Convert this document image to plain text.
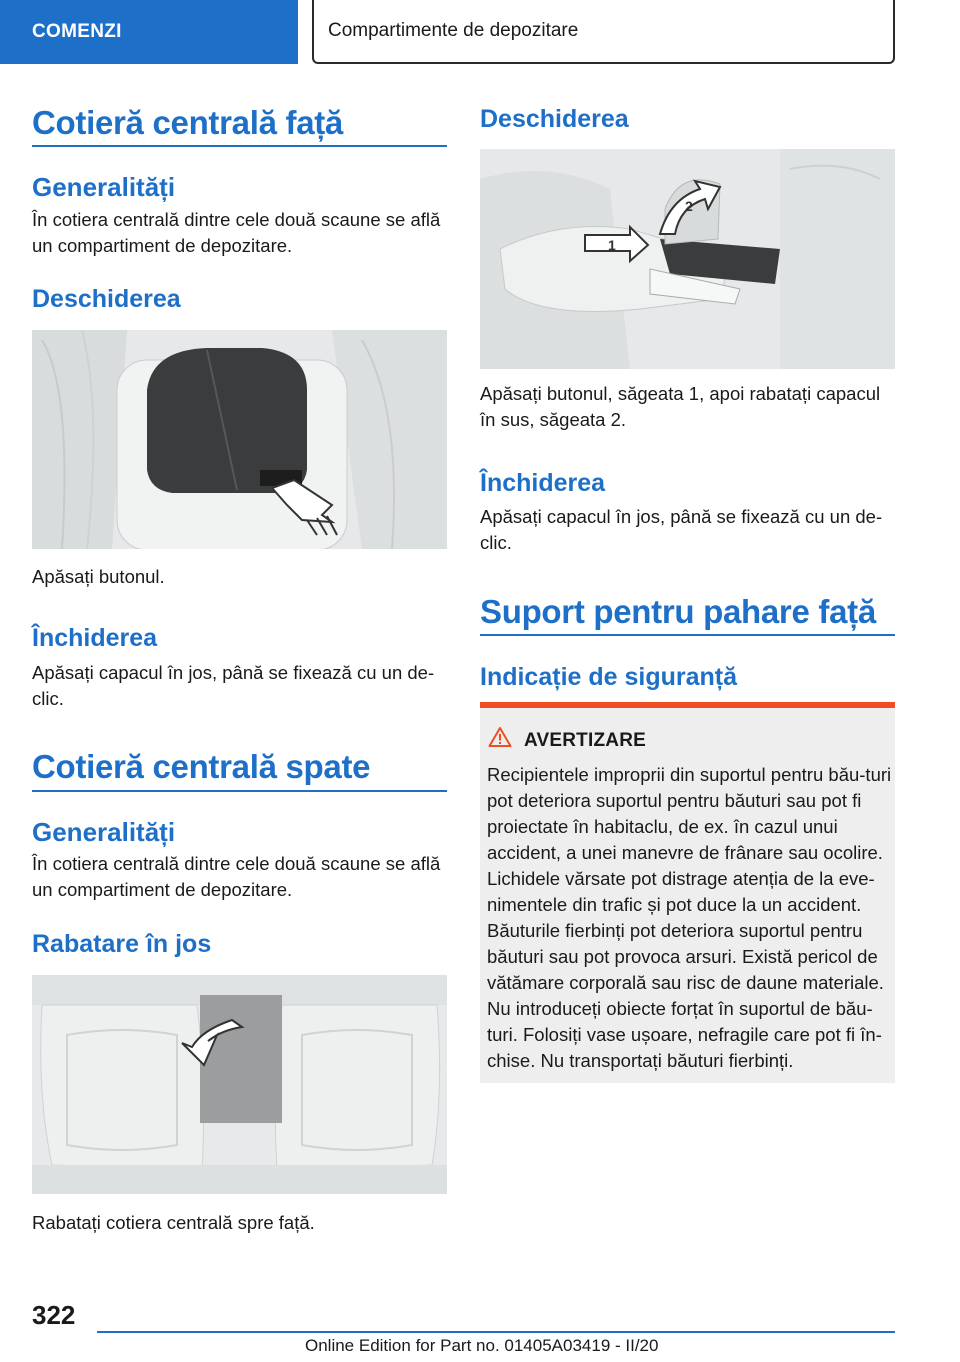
COMENZI	Compartimente de depozitare
Cotieră centrală față
Generalități
În cotiera centrală dintre cele două scaune se află un compartiment de depozitare.
Deschiderea
Apăsați butonul.
Închiderea
Apăsați capacul în jos, până se fixează cu un de-clic.
Cotieră centrală spate
Generalități
În cotiera centrală dintre cele două scaune se află un compartiment de depozitare.
Rabatare în jos
Rabatați cotiera centrală spre față.
Deschiderea
1
2
Apăsați butonul, săgeata 1, apoi rabatați capacul în sus, săgeata 2.
Închiderea
Apăsați capacul în jos, până se fixează cu un de-clic.
Suport pentru pahare față
Indicație de siguranță
AVERTIZARE
Recipientele improprii din suportul pentru bău-turi pot deteriora suportul pentru băuturi sau pot fi proiectate în habitaclu, de ex. în cazul unui accident, a unei manevre de frânare sau ocolire. Lichidele vărsate pot distrage atenția de la eve-nimentele din trafic și pot duce la un accident. Băuturile fierbinți pot deteriora suportul pentru băuturi sau pot provoca arsuri. Există pericol de vătămare corporală sau risc de daune materiale. Nu introduceți obiecte forțat în suportul de bău-turi. Folosiți vase ușoare, nefragile care pot fi în-chise. Nu transportați băuturi fierbinți.
322
Online Edition for Part no. 01405A03419 - II/20
